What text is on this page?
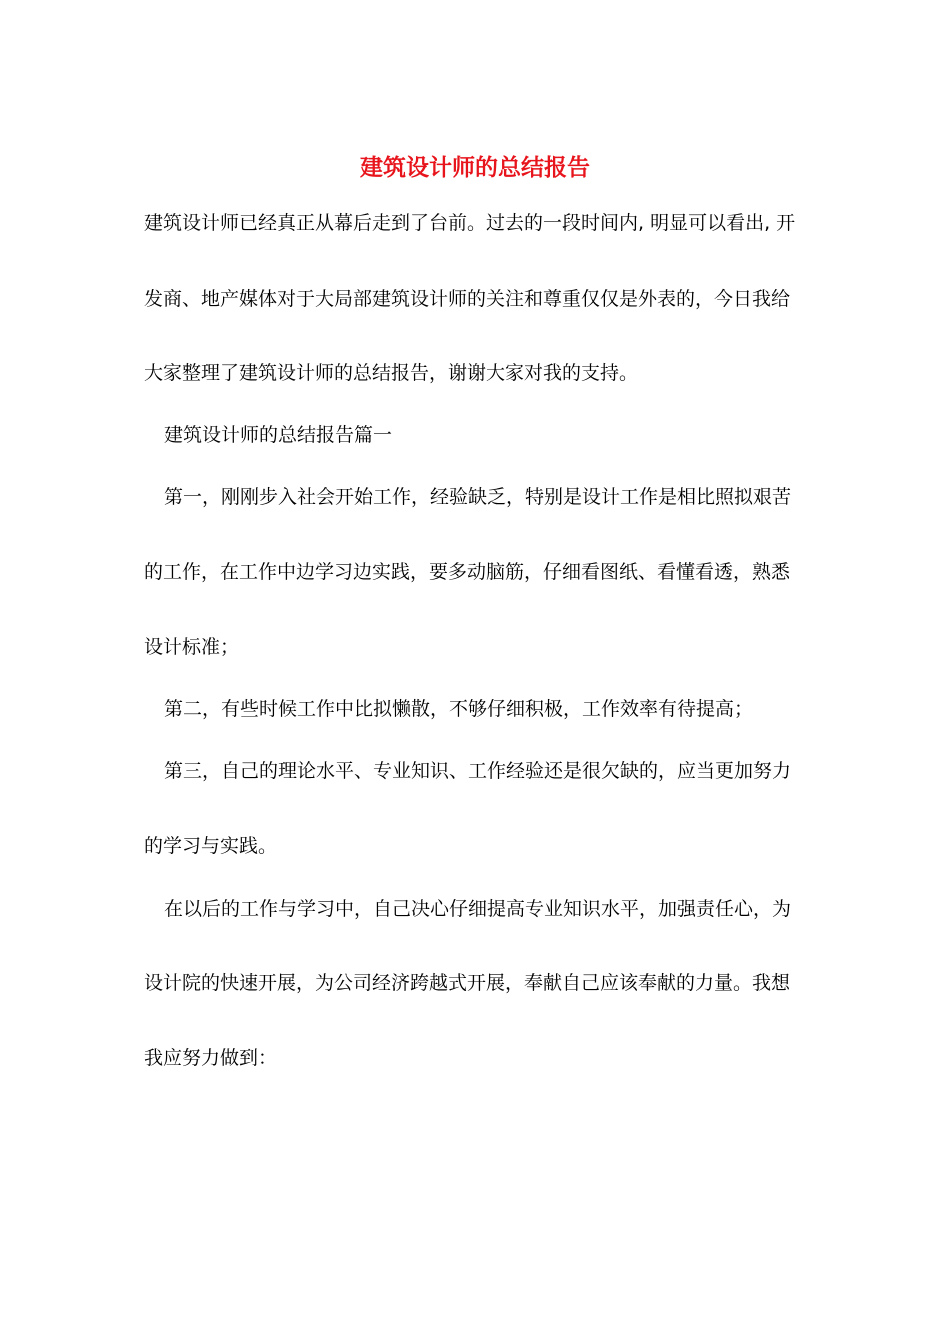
建筑设计师的总结报告

建筑设计师已经真正从幕后走到了台前。过去的一段时间内, 明显可以看出, 开

发商、地产媒体对于大局部建筑设计师的关注和尊重仅仅是外表的，今日我给

大家整理了建筑设计师的总结报告，谢谢大家对我的支持。

建筑设计师的总结报告篇一

第一，刚刚步入社会开始工作，经验缺乏，特别是设计工作是相比照拟艰苦

的工作，在工作中边学习边实践，要多动脑筋，仔细看图纸、看懂看透，熟悉

设计标准；

第二，有些时候工作中比拟懒散，不够仔细积极，工作效率有待提高；

第三，自己的理论水平、专业知识、工作经验还是很欠缺的，应当更加努力

的学习与实践。

在以后的工作与学习中，自己决心仔细提高专业知识水平，加强责任心，为

设计院的快速开展，为公司经济跨越式开展，奉献自己应该奉献的力量。我想

我应努力做到：
